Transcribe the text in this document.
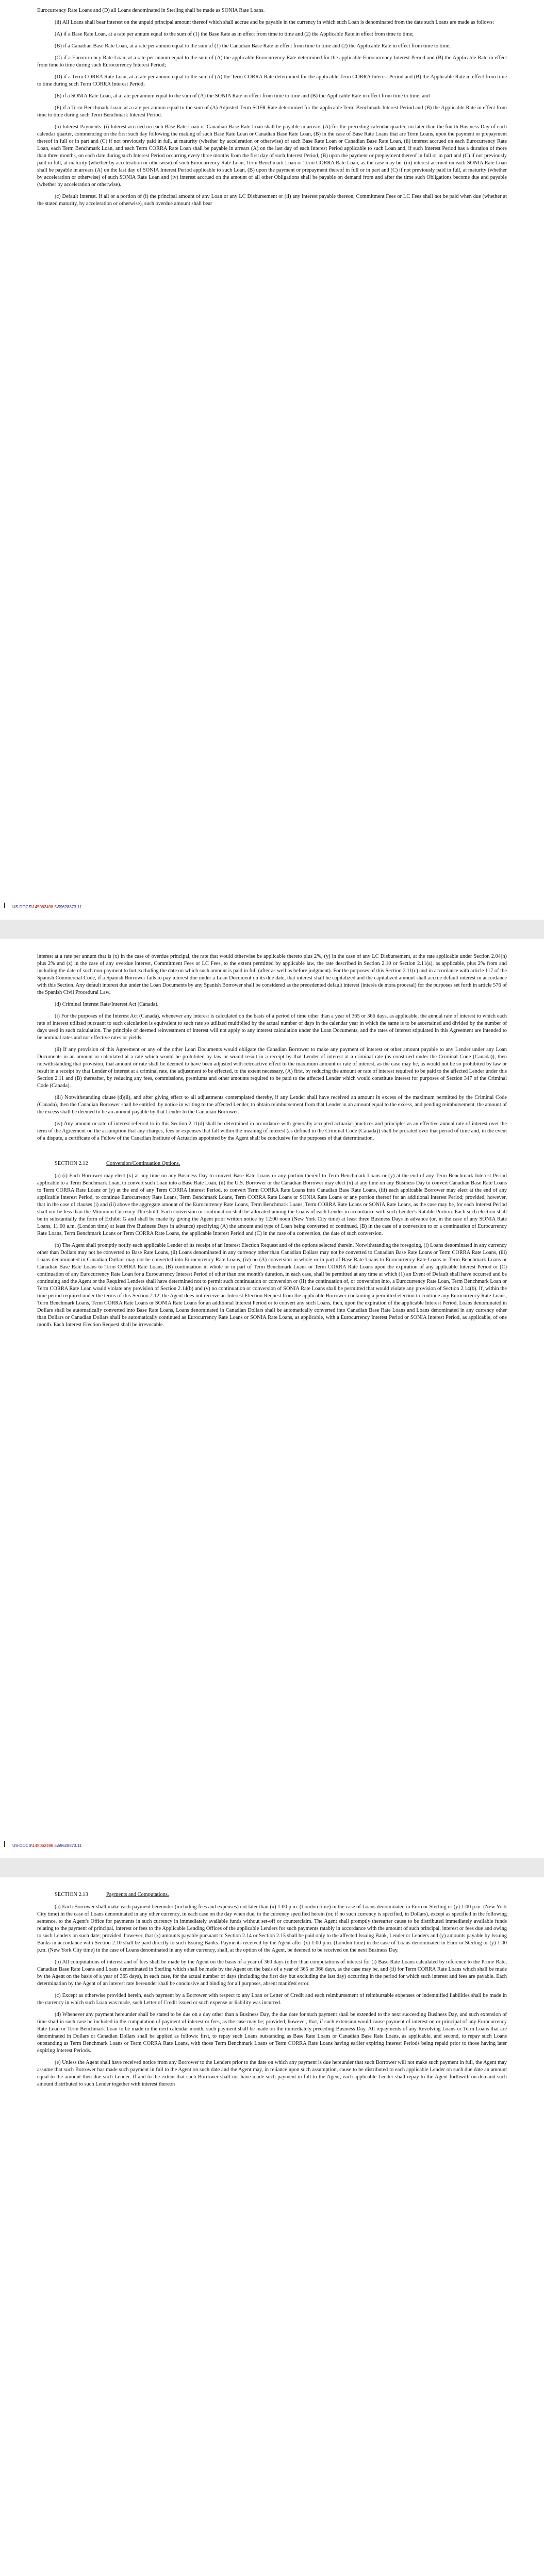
Eurocurrency Rate Loans and (D) all Loans denominated in Sterling shall be made as SONIA Rate Loans.

(ii) All Loans shall bear interest on the unpaid principal amount thereof which shall accrue and be payable in the currency in which such Loan is denominated from the date such Loans are made as follows:

(A) if a Base Rate Loan, at a rate per annum equal to the sum of (1) the Base Rate as in effect from time to time and (2) the Applicable Rate in effect from time to time;

(B) if a Canadian Base Rate Loan, at a rate per annum equal to the sum of (1) the Canadian Base Rate in effect from time to time and (2) the Applicable Rate in effect from time to time;

(C) if a Eurocurrency Rate Loan, at a rate per annum equal to the sum of (A) the applicable Eurocurrency Rate determined for the applicable Eurocurrency Interest Period and (B) the Applicable Rate in effect from time to time during such Eurocurrency Interest Period;

(D) if a Term CORRA Rate Loan, at a rate per annum equal to the sum of (A) the Term CORRA Rate determined for the applicable Term CORRA Interest Period and (B) the Applicable Rate in effect from time to time during such Term CORRA Interest Period;

(E) if a SONIA Rate Loan, at a rate per annum equal to the sum of (A) the SONIA Rate in effect from time to time and (B) the Applicable Rate in effect from time to time; and

(F) if a Term Benchmark Loan, at a rate per annum equal to the sum of (A) Adjusted Term SOFR Rate determined for the applicable Term Benchmark Interest Period and (B) the Applicable Rate in effect from time to time during such Term Benchmark Interest Period.

(b) Interest Payments. (i) Interest accrued on each Base Rate Loan or Canadian Base Rate Loan shall be payable in arrears (A) for the preceding calendar quarter, no later than the fourth Business Day of each calendar quarter, commencing on the first such day following the making of such Base Rate Loan or Canadian Base Rate Loan, (B) in the case of Base Rate Loans that are Term Loans, upon the payment or prepayment thereof in full or in part and (C) if not previously paid in full, at maturity (whether by acceleration or otherwise) of such Base Rate Loan or Canadian Base Rate Loan, (ii) interest accrued on each Eurocurrency Rate Loan, each Term Benchmark Loan, and each Term CORRA Rate Loan shall be payable in arrears (A) on the last day of each Interest Period applicable to such Loan and, if such Interest Period has a duration of more than three months, on each date during such Interest Period occurring every three months from the first day of such Interest Period, (B) upon the payment or prepayment thereof in full or in part and (C) if not previously paid in full, at maturity (whether by acceleration or otherwise) of such Eurocurrency Rate Loan, Term Benchmark Loan or Term CORRA Rate Loan, as the case may be, (iii) interest accrued on each SONIA Rate Loan shall be payable in arrears (A) on the last day of SONIA Interest Period applicable to such Loan, (B) upon the payment or prepayment thereof in full or in part and (C) if not previously paid in full, at maturity (whether by acceleration or otherwise) of such SONIA Rate Loan and (iv) interest accrued on the amount of all other Obligations shall be payable on demand from and after the time such Obligations become due and payable (whether by acceleration or otherwise).

(c) Default Interest. If all or a portion of (i) the principal amount of any Loan or any LC Disbursement or (ii) any interest payable thereon, Commitment Fees or LC Fees shall not be paid when due (whether at the stated maturity, by acceleration or otherwise), such overdue amount shall bear

US-DOCS\145062498.5\59628873.11

interest at a rate per annum that is (x) in the case of overdue principal, the rate that would otherwise be applicable thereto plus 2%, (y) in the case of any LC Disbursement, at the rate applicable under Section 2.04(h) plus 2% and (z) in the case of any overdue interest, Commitment Fees or LC Fees, to the extent permitted by applicable law, the rate described in Section 2.10 or Section 2.11(a), as applicable, plus 2% from and including the date of such non-payment to but excluding the date on which such amount is paid in full (after as well as before judgment). For the purposes of this Section 2.11(c) and in accordance with article 117 of the Spanish Commercial Code, if a Spanish Borrower fails to pay interest due under a Loan Document on its due date, that interest shall be capitalized and the capitalized amount shall accrue default interest in accordance with this Section. Any default interest due under the Loan Documents by any Spanish Borrower shall be considered as the precedented default interest (interés de mora procesal) for the purposes set forth in article 576 of the Spanish Civil Procedural Law.

(d) Criminal Interest Rate/Interest Act (Canada).

(i) For the purposes of the Interest Act (Canada), whenever any interest is calculated on the basis of a period of time other than a year of 365 or 366 days, as applicable, the annual rate of interest to which each rate of interest utilized pursuant to such calculation is equivalent to such rate so utilized multiplied by the actual number of days in the calendar year in which the same is to be ascertained and divided by the number of days used in such calculation. The principle of deemed reinvestment of interest will not apply to any interest calculation under the Loan Documents, and the rates of interest stipulated in this Agreement are intended to be nominal rates and not effective rates or yields.

(ii) If any provision of this Agreement or any of the other Loan Documents would obligate the Canadian Borrower to make any payment of interest or other amount payable to any Lender under any Loan Documents in an amount or calculated at a rate which would be prohibited by law or would result in a receipt by that Lender of interest at a criminal rate (as construed under the Criminal Code (Canada)), then notwithstanding that provision, that amount or rate shall be deemed to have been adjusted with retroactive effect to the maximum amount or rate of interest, as the case may be, as would not be so prohibited by law or result in a receipt by that Lender of interest at a criminal rate, the adjustment to be effected, to the extent necessary, (A) first, by reducing the amount or rate of interest required to be paid to the affected Lender under this Section 2.11 and (B) thereafter, by reducing any fees, commissions, premiums and other amounts required to be paid to the affected Lender which would constitute interest for purposes of Section 347 of the Criminal Code (Canada).

(iii) Notwithstanding clause (d)(ii), and after giving effect to all adjustments contemplated thereby, if any Lender shall have received an amount in excess of the maximum permitted by the Criminal Code (Canada), then the Canadian Borrower shall be entitled, by notice in writing to the affected Lender, to obtain reimbursement from that Lender in an amount equal to the excess, and pending reimbursement, the amount of the excess shall be deemed to be an amount payable by that Lender to the Canadian Borrower.

(iv) Any amount or rate of interest referred to in this Section 2.11(d) shall be determined in accordance with generally accepted actuarial practices and principles as an effective annual rate of interest over the term of the Agreement on the assumption that any charges, fees or expenses that fall within the meaning of interest (as defined in the Criminal Code (Canada)) shall be prorated over that period of time and, in the event of a dispute, a certificate of a Fellow of the Canadian Institute of Actuaries appointed by the Agent shall be conclusive for the purposes of that determination.

SECTION 2.12	Conversion/Continuation Options.

(a) (i) Each Borrower may elect (x) at any time on any Business Day to convert Base Rate Loans or any portion thereof to Term Benchmark Loans or (y) at the end of any Term Benchmark Interest Period applicable to a Term Benchmark Loan, to convert such Loan into a Base Rate Loan, (ii) the U.S. Borrower or the Canadian Borrower may elect (x) at any time on any Business Day to convert Canadian Base Rate Loans to Term CORRA Rate Loans or (y) at the end of any Term CORRA Interest Period, to convert Term CORRA Rate Loans into Canadian Base Rate Loans, (iii) each applicable Borrower may elect at the end of any applicable Interest Period, to continue Eurocurrency Rate Loans, Term Benchmark Loans, Term CORRA Rate Loans or SONIA Rate Loans or any portion thereof for an additional Interest Period; provided, however, that in the case of clauses (i) and (ii) above the aggregate amount of the Eurocurrency Rate Loans, Term Benchmark Loans, Term CORRA Rate Loans or SONIA Rate Loans, as the case may be, for each Interest Period shall not be less than the Minimum Currency Threshold. Each conversion or continuation shall be allocated among the Loans of each Lender in accordance with such Lender's Ratable Portion. Each such election shall be in substantially the form of Exhibit G and shall be made by giving the Agent prior written notice by 12:00 noon (New York City time) at least three Business Days in advance (or, in the case of any SONIA Rate Loans, 11:00 a.m. (London time) at least five Business Days in advance) specifying (A) the amount and type of Loan being converted or continued, (B) in the case of a conversion to or a continuation of Eurocurrency Rate Loans, Term Benchmark Loans or Term CORRA Rate Loans, the applicable Interest Period and (C) in the case of a conversion, the date of such conversion.

(b) The Agent shall promptly notify each applicable Lender of its receipt of an Interest Election Request and of the options selected therein. Notwithstanding the foregoing, (i) Loans denominated in any currency other than Dollars may not be converted to Base Rate Loans, (ii) Loans denominated in any currency other than Canadian Dollars may not be converted to Canadian Base Rate Loans or Term CORRA Rate Loans, (iii) Loans denominated in Canadian Dollars may not be converted into Eurocurrency Rate Loans, (iv) no (A) conversion in whole or in part of Base Rate Loans to Eurocurrency Rate Loans or Term Benchmark Loans or Canadian Base Rate Loans to Term CORRA Rate Loans, (B) continuation in whole or in part of Term Benchmark Loans or Term CORRA Rate Loans upon the expiration of any applicable Interest Period or (C) continuation of any Eurocurrency Rate Loan for a Eurocurrency Interest Period of other than one month's duration, in each case, shall be permitted at any time at which (1) an Event of Default shall have occurred and be continuing and the Agent or the Required Lenders shall have determined not to permit such continuation or conversion or (II) the continuation of, or conversion into, a Eurocurrency Rate Loan, Term Benchmark Loan or Term CORRA Rate Loan would violate any provision of Section 2.14(b) and (v) no continuation or conversion of SONIA Rate Loans shall be permitted that would violate any provision of Section 2.14(b). If, within the time period required under the terms of this Section 2.12, the Agent does not receive an Interest Election Request from the applicable Borrower containing a permitted election to continue any Eurocurrency Rate Loans, Term Benchmark Loans, Term CORRA Rate Loans or SONIA Rate Loans for an additional Interest Period or to convert any such Loans, then, upon the expiration of the applicable Interest Period, Loans denominated in Dollars shall be automatically converted into Base Rate Loans, Loans denominated in Canadian Dollars shall be automatically converted into Canadian Base Rate Loans and Loans denominated in any currency other than Dollars or Canadian Dollars shall be automatically continued as Eurocurrency Rate Loans or SONIA Rate Loans, as applicable, with a Eurocurrency Interest Period or SONIA Interest Period, as applicable, of one month. Each Interest Election Request shall be irrevocable.

US-DOCS\145062498.5\59628873.11
SECTION 2.13	Payments and Computations.

(a) Each Borrower shall make each payment hereunder (including fees and expenses) not later than (x) 1:00 p.m. (London time) in the case of Loans denominated in Euro or Sterling or (y) 1:00 p.m. (New York City time) in the case of Loans denominated in any other currency, in each case on the day when due, in the currency specified herein (or, if no such currency is specified, in Dollars), except as specified in the following sentence, to the Agent's Office for payments in such currency in immediately available funds without set-off or counterclaim. The Agent shall promptly thereafter cause to be distributed immediately available funds relating to the payment of principal, interest or fees to the Applicable Lending Offices of the applicable Lenders for such payments ratably in accordance with the amount of such principal, interest or fees due and owing to such Lenders on such date; provided, however, that (x) amounts payable pursuant to Section 2.14 or Section 2.15 shall be paid only to the affected Issuing Bank, Lender or Lenders and (y) amounts payable by Issuing Banks in accordance with Section 2.10 shall be paid directly to such Issuing Banks. Payments received by the Agent after (x) 1:00 p.m. (London time) in the case of Loans denominated in Euro or Sterling or (y) 1:00 p.m. (New York City time) in the case of Loans denominated in any other currency, shall, at the option of the Agent, be deemed to be received on the next Business Day.

(b) All computations of interest and of fees shall be made by the Agent on the basis of a year of 360 days (other than computations of interest for (i) Base Rate Loans calculated by reference to the Prime Rate, Canadian Base Rate Loans and Loans denominated in Sterling which shall be made by the Agent on the basis of a year of 365 or 366 days, as the case may be, and (ii) for Term CORRA Rate Loans which shall be made by the Agent on the basis of a year of 365 days), in each case, for the actual number of days (including the first day but excluding the last day) occurring in the period for which such interest and fees are payable. Each determination by the Agent of an interest rate hereunder shall be conclusive and binding for all purposes, absent manifest error.

(c) Except as otherwise provided herein, each payment by a Borrower with respect to any Loan or Letter of Credit and each reimbursement of reimbursable expenses or indemnified liabilities shall be made in the currency in which such Loan was made, such Letter of Credit issued or such expense or liability was incurred.

(d) Whenever any payment hereunder shall be stated to be due on a day other than a Business Day, the due date for such payment shall be extended to the next succeeding Business Day, and such extension of time shall in such case be included in the computation of payment of interest or fees, as the case may be; provided, however, that, if such extension would cause payment of interest on or principal of any Eurocurrency Rate Loan or Term Benchmark Loan to be made in the next calendar month, such payment shall be made on the immediately preceding Business Day. All repayments of any Revolving Loans or Term Loans that are denominated in Dollars or Canadian Dollars shall be applied as follows: first, to repay such Loans outstanding as Base Rate Loans or Canadian Base Rate Loans, as applicable, and second, to repay such Loans outstanding as Term Benchmark Loans or Term CORRA Rate Loans, with those Term Benchmark Loans or Term CORRA Rate Loans having earlier expiring Interest Periods being repaid prior to those having later expiring Interest Periods.

(e) Unless the Agent shall have received notice from any Borrower to the Lenders prior to the date on which any payment is due hereunder that such Borrower will not make such payment in full, the Agent may assume that such Borrower has made such payment in full to the Agent on such date and the Agent may, in reliance upon such assumption, cause to be distributed to each applicable Lender on such due date an amount equal to the amount then due such Lender. If and to the extent that such Borrower shall not have made such payment in full to the Agent, each applicable Lender shall repay to the Agent forthwith on demand such amount distributed to such Lender together with interest thereon
